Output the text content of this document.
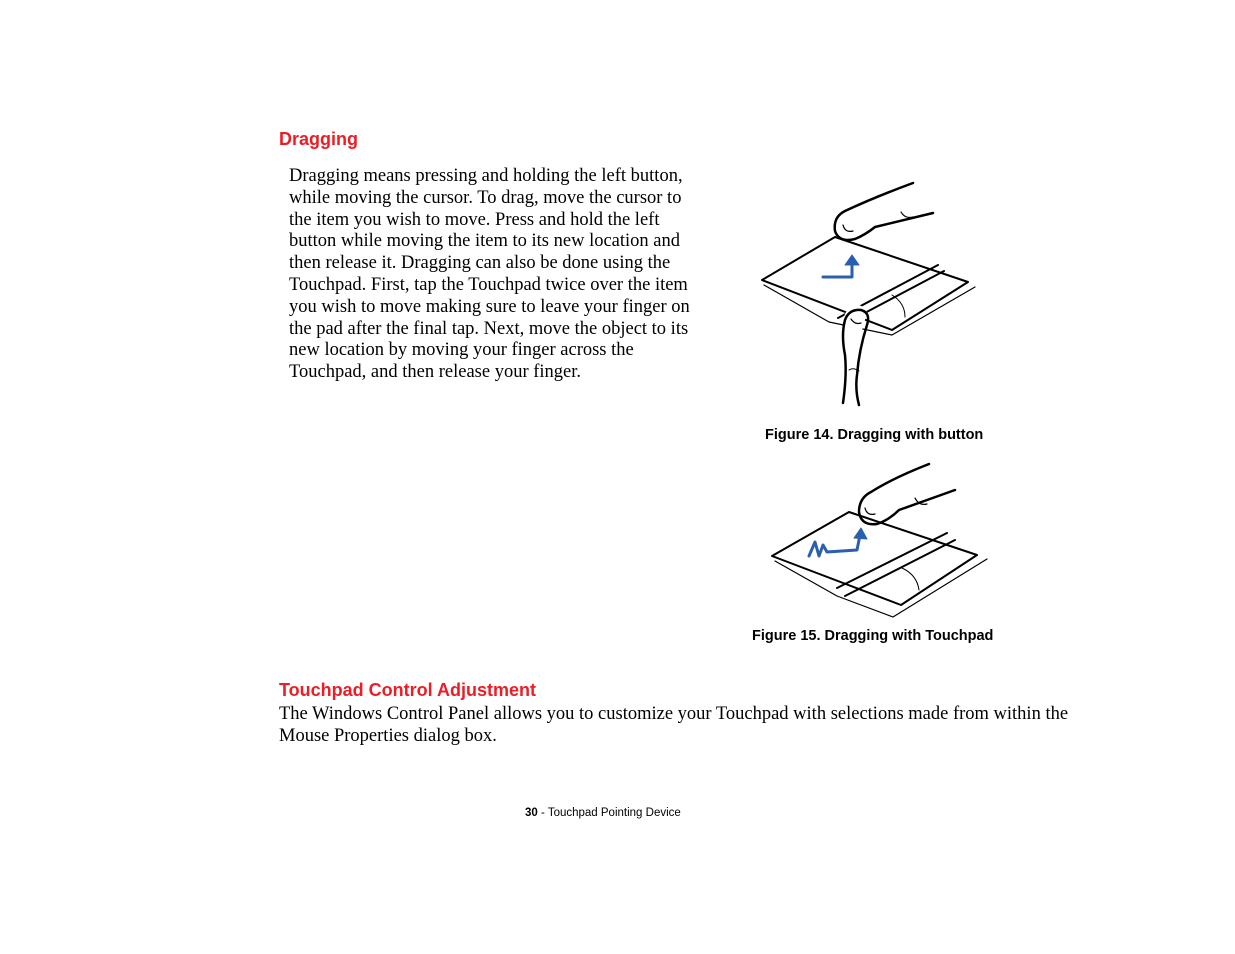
Dragging

Dragging means pressing and holding the left button, while moving the cursor. To drag, move the cursor to the item you wish to move. Press and hold the left button while moving the item to its new location and then release it. Dragging can also be done using the Touchpad. First, tap the Touchpad twice over the item you wish to move making sure to leave your finger on the pad after the final tap. Next, move the object to its new location by moving your finger across the Touchpad, and then release your finger.

Figure 14. Dragging with button

Figure 15. Dragging with Touchpad

Touchpad Control Adjustment

The Windows Control Panel allows you to customize your Touchpad with selections made from within the Mouse Properties dialog box.

30 - Touchpad Pointing Device
